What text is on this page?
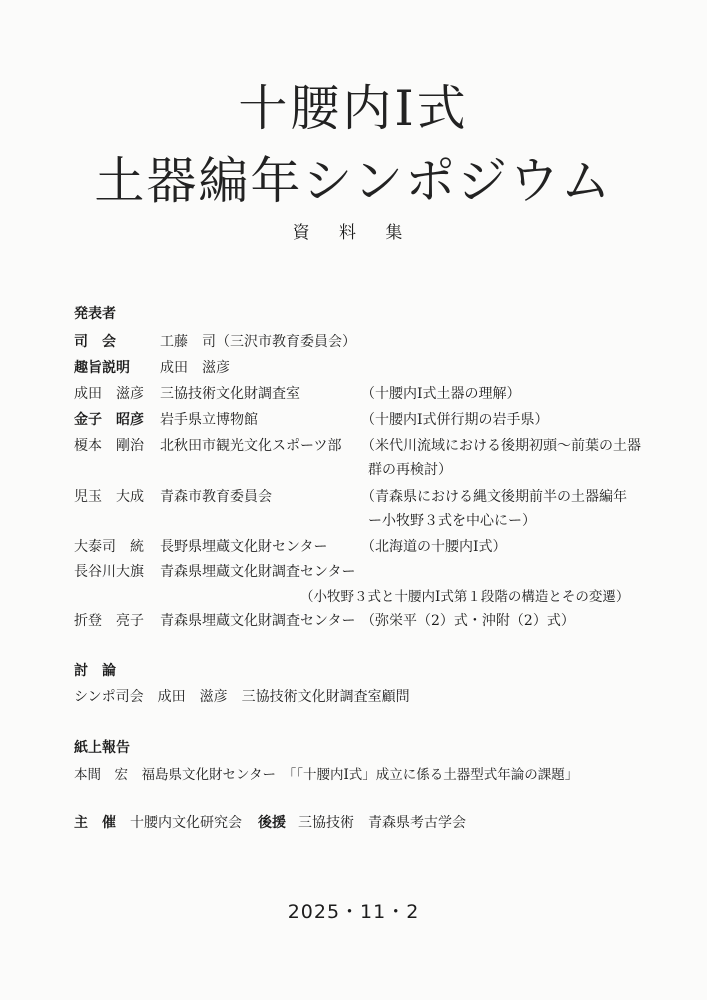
十腰内Ⅰ式
土器編年シンポジウム
資 料 集
発表者
司　会	工藤　司（三沢市教育委員会）
趣旨説明 成田　滋彦
成田　滋彦 三協技術文化財調査室	（十腰内Ⅰ式土器の理解）
金子　昭彦 岩手県立博物館	（十腰内Ⅰ式併行期の岩手県）
榎本　剛治 北秋田市観光文化スポーツ部 （米代川流域における後期初頭～前葉の土器
群の再検討）
児玉　大成 青森市教育委員会	（青森県における縄文後期前半の土器編年
ー小牧野３式を中心にー）
大泰司　統 長野県埋蔵文化財センター （北海道の十腰内Ⅰ式）
長谷川大旗 青森県埋蔵文化財調査センター
（小牧野３式と十腰内Ⅰ式第１段階の構造とその変遷）
折登　亮子 青森県埋蔵文化財調査センター （弥栄平（2）式・沖附（2）式）
討　論
シンポ司会　成田　滋彦　三協技術文化財調査室顧問
紙上報告
本間　宏　福島県文化財センター　「「十腰内Ⅰ式」成立に係る土器型式年論の課題」
主　催 十腰内文化研究会 後援 三協技術　青森県考古学会
2025・11・2
